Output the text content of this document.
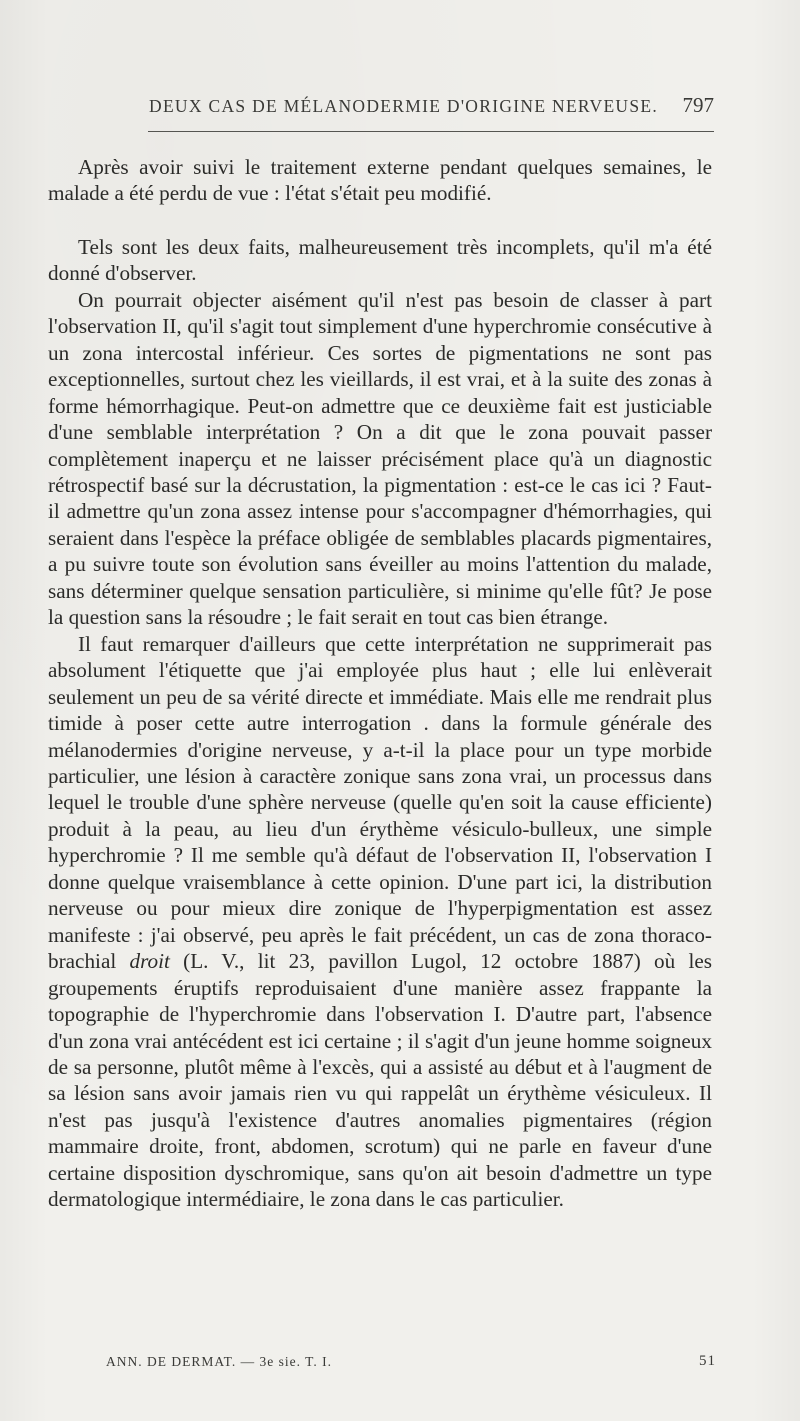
DEUX CAS DE MÉLANODERMIE D'ORIGINE NERVEUSE. 797

Après avoir suivi le traitement externe pendant quelques semaines, le malade a été perdu de vue : l'état s'était peu modifié.

Tels sont les deux faits, malheureusement très incomplets, qu'il m'a été donné d'observer.

On pourrait objecter aisément qu'il n'est pas besoin de classer à part l'observation II, qu'il s'agit tout simplement d'une hyperchromie consécutive à un zona intercostal inférieur. Ces sortes de pigmentations ne sont pas exceptionnelles, surtout chez les vieillards, il est vrai, et à la suite des zonas à forme hémorrhagique. Peut-on admettre que ce deuxième fait est justiciable d'une semblable interprétation ? On a dit que le zona pouvait passer complètement inaperçu et ne laisser précisément place qu'à un diagnostic rétrospectif basé sur la décrustation, la pigmentation : est-ce le cas ici ? Faut-il admettre qu'un zona assez intense pour s'accompagner d'hémorrhagies, qui seraient dans l'espèce la préface obligée de semblables placards pigmentaires, a pu suivre toute son évolution sans éveiller au moins l'attention du malade, sans déterminer quelque sensation particulière, si minime qu'elle fût? Je pose la question sans la résoudre ; le fait serait en tout cas bien étrange.

Il faut remarquer d'ailleurs que cette interprétation ne supprimerait pas absolument l'étiquette que j'ai employée plus haut ; elle lui enlèverait seulement un peu de sa vérité directe et immédiate. Mais elle me rendrait plus timide à poser cette autre interrogation . dans la formule générale des mélanodermies d'origine nerveuse, y a-t-il la place pour un type morbide particulier, une lésion à caractère zonique sans zona vrai, un processus dans lequel le trouble d'une sphère nerveuse (quelle qu'en soit la cause efficiente) produit à la peau, au lieu d'un érythème vésiculo-bulleux, une simple hyperchromie ? Il me semble qu'à défaut de l'observation II, l'observation I donne quelque vraisemblance à cette opinion. D'une part ici, la distribution nerveuse ou pour mieux dire zonique de l'hyperpigmentation est assez manifeste : j'ai observé, peu après le fait précédent, un cas de zona thoraco-brachial droit (L. V., lit 23, pavillon Lugol, 12 octobre 1887) où les groupements éruptifs reproduisaient d'une manière assez frappante la topographie de l'hyperchromie dans l'observation I. D'autre part, l'absence d'un zona vrai antécédent est ici certaine ; il s'agit d'un jeune homme soigneux de sa personne, plutôt même à l'excès, qui a assisté au début et à l'augment de sa lésion sans avoir jamais rien vu qui rappelât un érythème vésiculeux. Il n'est pas jusqu'à l'existence d'autres anomalies pigmentaires (région mammaire droite, front, abdomen, scrotum) qui ne parle en faveur d'une certaine disposition dyschromique, sans qu'on ait besoin d'admettre un type dermatologique intermédiaire, le zona dans le cas particulier.

ANN. DE DERMAT. — 3e sie. T. I.	51
